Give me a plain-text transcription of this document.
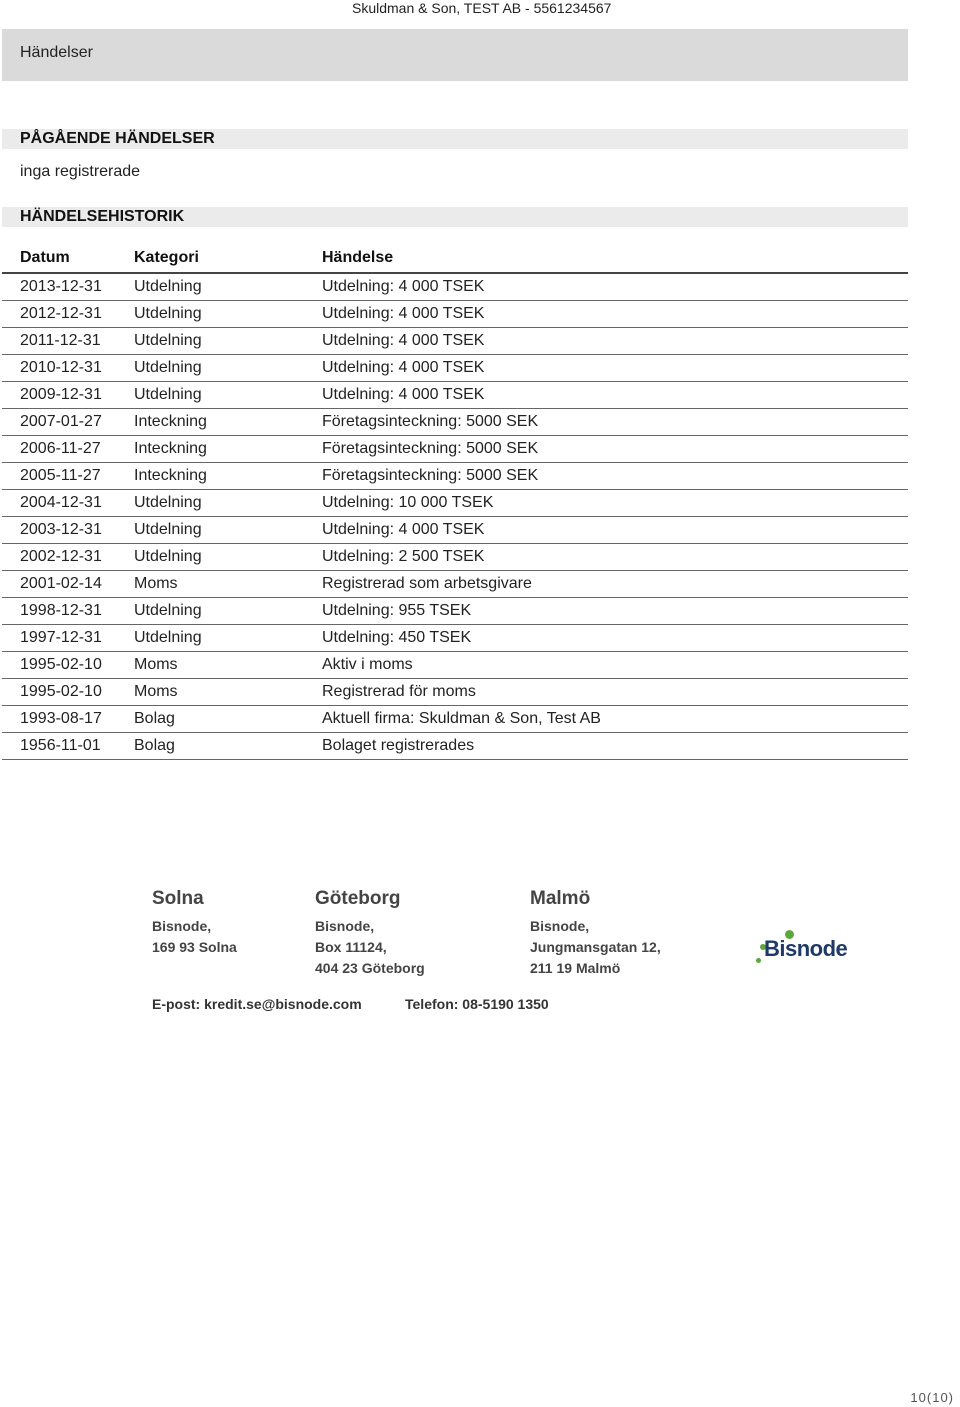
Skuldman & Son, TEST AB - 5561234567
Händelser
PÅGÅENDE HÄNDELSER
inga registrerade
HÄNDELSEHISTORIK
Datum	Kategori	Händelse
2013-12-31	Utdelning	Utdelning: 4 000 TSEK
2012-12-31	Utdelning	Utdelning: 4 000 TSEK
2011-12-31	Utdelning	Utdelning: 4 000 TSEK
2010-12-31	Utdelning	Utdelning: 4 000 TSEK
2009-12-31	Utdelning	Utdelning: 4 000 TSEK
2007-01-27	Inteckning	Företagsinteckning: 5000 SEK
2006-11-27	Inteckning	Företagsinteckning: 5000 SEK
2005-11-27	Inteckning	Företagsinteckning: 5000 SEK
2004-12-31	Utdelning	Utdelning: 10 000 TSEK
2003-12-31	Utdelning	Utdelning: 4 000 TSEK
2002-12-31	Utdelning	Utdelning: 2 500 TSEK
2001-02-14	Moms	Registrerad som arbetsgivare
1998-12-31	Utdelning	Utdelning: 955 TSEK
1997-12-31	Utdelning	Utdelning: 450 TSEK
1995-02-10	Moms	Aktiv i moms
1995-02-10	Moms	Registrerad för moms
1993-08-17	Bolag	Aktuell firma: Skuldman & Son, Test AB
1956-11-01	Bolag	Bolaget registrerades
Solna
Bisnode,
169 93 Solna
Göteborg
Bisnode,
Box 11124,
404 23 Göteborg
Malmö
Bisnode,
Jungmansgatan 12,
211 19 Malmö
Bisnode
E-post: kredit.se@bisnode.com	Telefon: 08-5190 1350
10(10)
